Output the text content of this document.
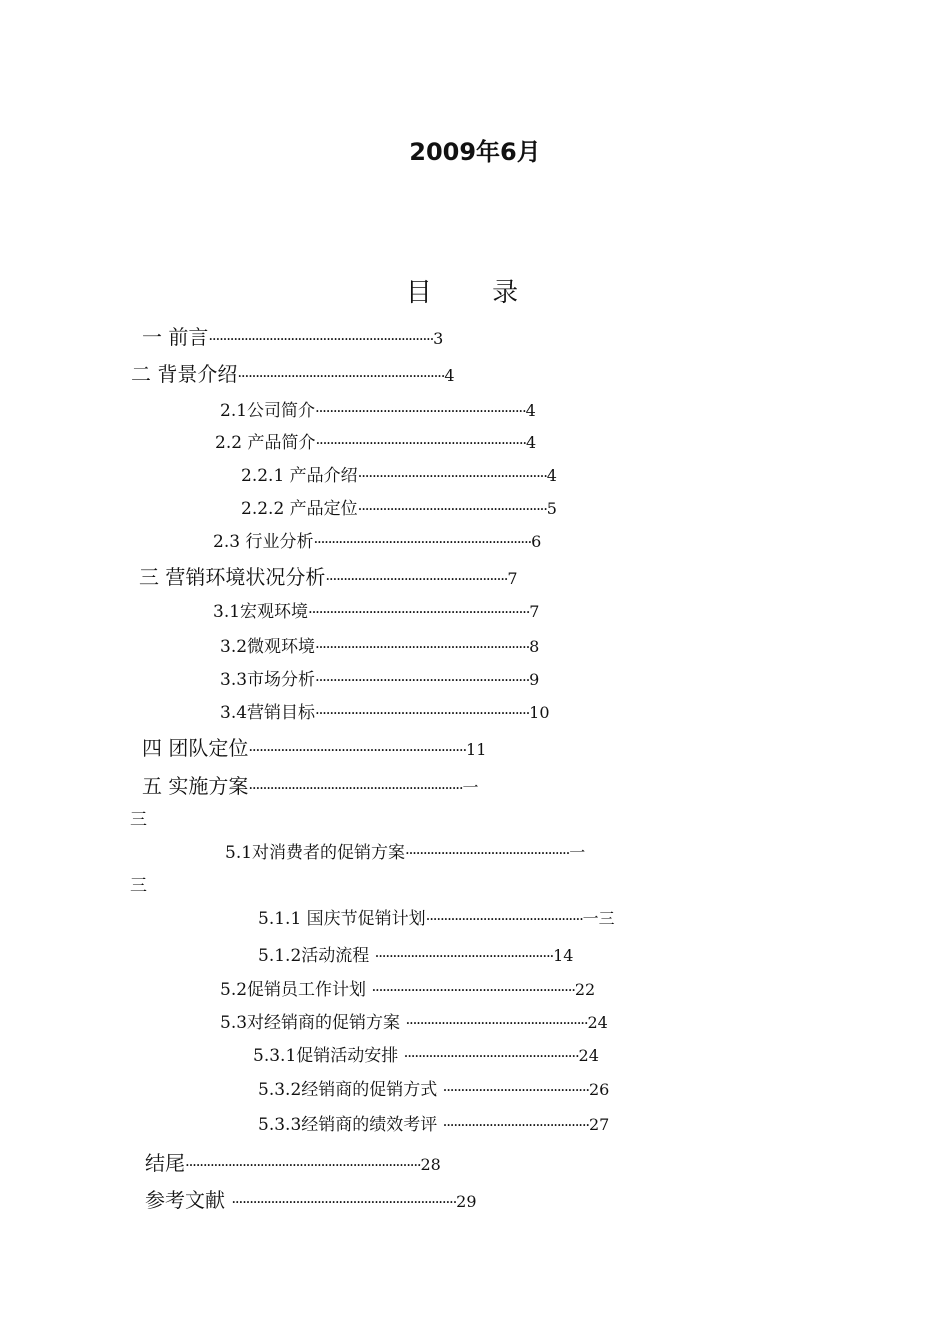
2009年6月
目 录
一 前言·······························································3
二 背景介绍··························································4
2.1公司简介···························································4
2.2 产品简介···························································4
2.2.1 产品介绍·····················································4
2.2.2 产品定位·····················································5
2.3 行业分析·····························································6
三 营销环境状况分析···················································7
3.1宏观环境······························································7
3.2微观环境····························································8
3.3市场分析····························································9
3.4营销目标····························································10
四 团队定位·····························································11
五 实施方案····························································一
三
5.1对消费者的促销方案··············································一
三
5.1.1 国庆节促销计划············································一三
5.1.2活动流程 ··················································14
5.2促销员工作计划 ·························································22
5.3对经销商的促销方案 ···················································24
5.3.1促销活动安排 ·················································24
5.3.2经销商的促销方式 ·········································26
5.3.3经销商的绩效考评 ·········································27
结尾··································································28
参考文献 ·······························································29
